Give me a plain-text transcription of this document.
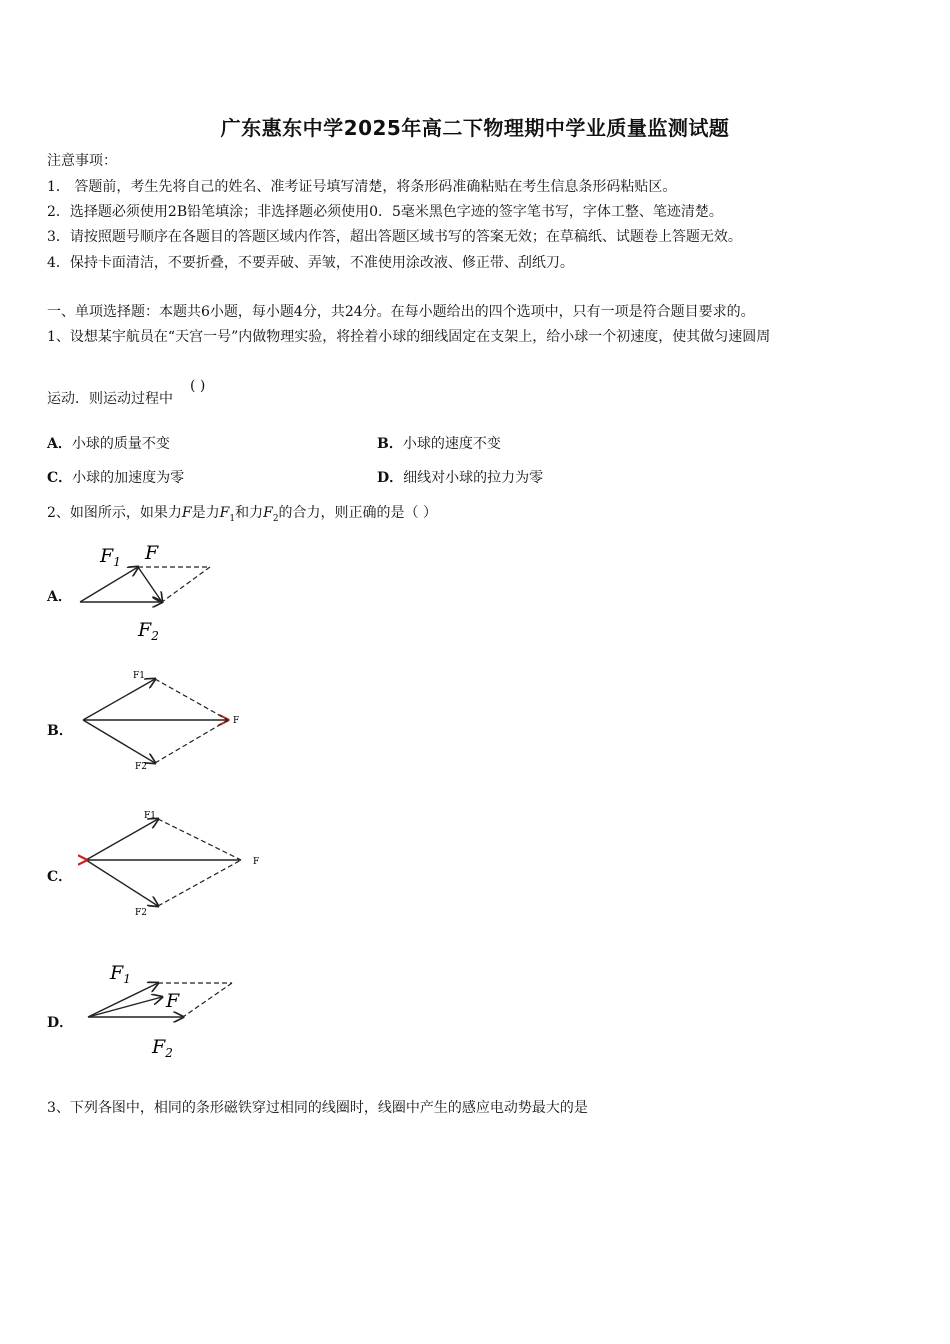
广东惠东中学2025年高二下物理期中学业质量监测试题
注意事项：
1． 答题前，考生先将自己的姓名、准考证号填写清楚，将条形码准确粘贴在考生信息条形码粘贴区。
2．选择题必须使用2B铅笔填涂；非选择题必须使用0．5毫米黑色字迹的签字笔书写，字体工整、笔迹清楚。
3．请按照题号顺序在各题目的答题区域内作答，超出答题区域书写的答案无效；在草稿纸、试题卷上答题无效。
4．保持卡面清洁，不要折叠，不要弄破、弄皱，不准使用涂改液、修正带、刮纸刀。
一、单项选择题：本题共6小题，每小题4分，共24分。在每小题给出的四个选项中，只有一项是符合题目要求的。
1、设想某宇航员在“天宫一号”内做物理实验，将拴着小球的细线固定在支架上，给小球一个初速度，使其做匀速圆周
运动．则运动过程中
( )
A．小球的质量不变	B．小球的速度不变
C．小球的加速度为零	D．细线对小球的拉力为零
2、如图所示，如果力F是力$F_1$和力$F_2$的合力，则正确的是（ ）
A．
$F_1$ F
$F_2$
B．
F1
F
F2
C．
F1
F
F2
D．
$F_1$
F
$F_2$
3、下列各图中，相同的条形磁铁穿过相同的线圈时，线圈中产生的感应电动势最大的是
